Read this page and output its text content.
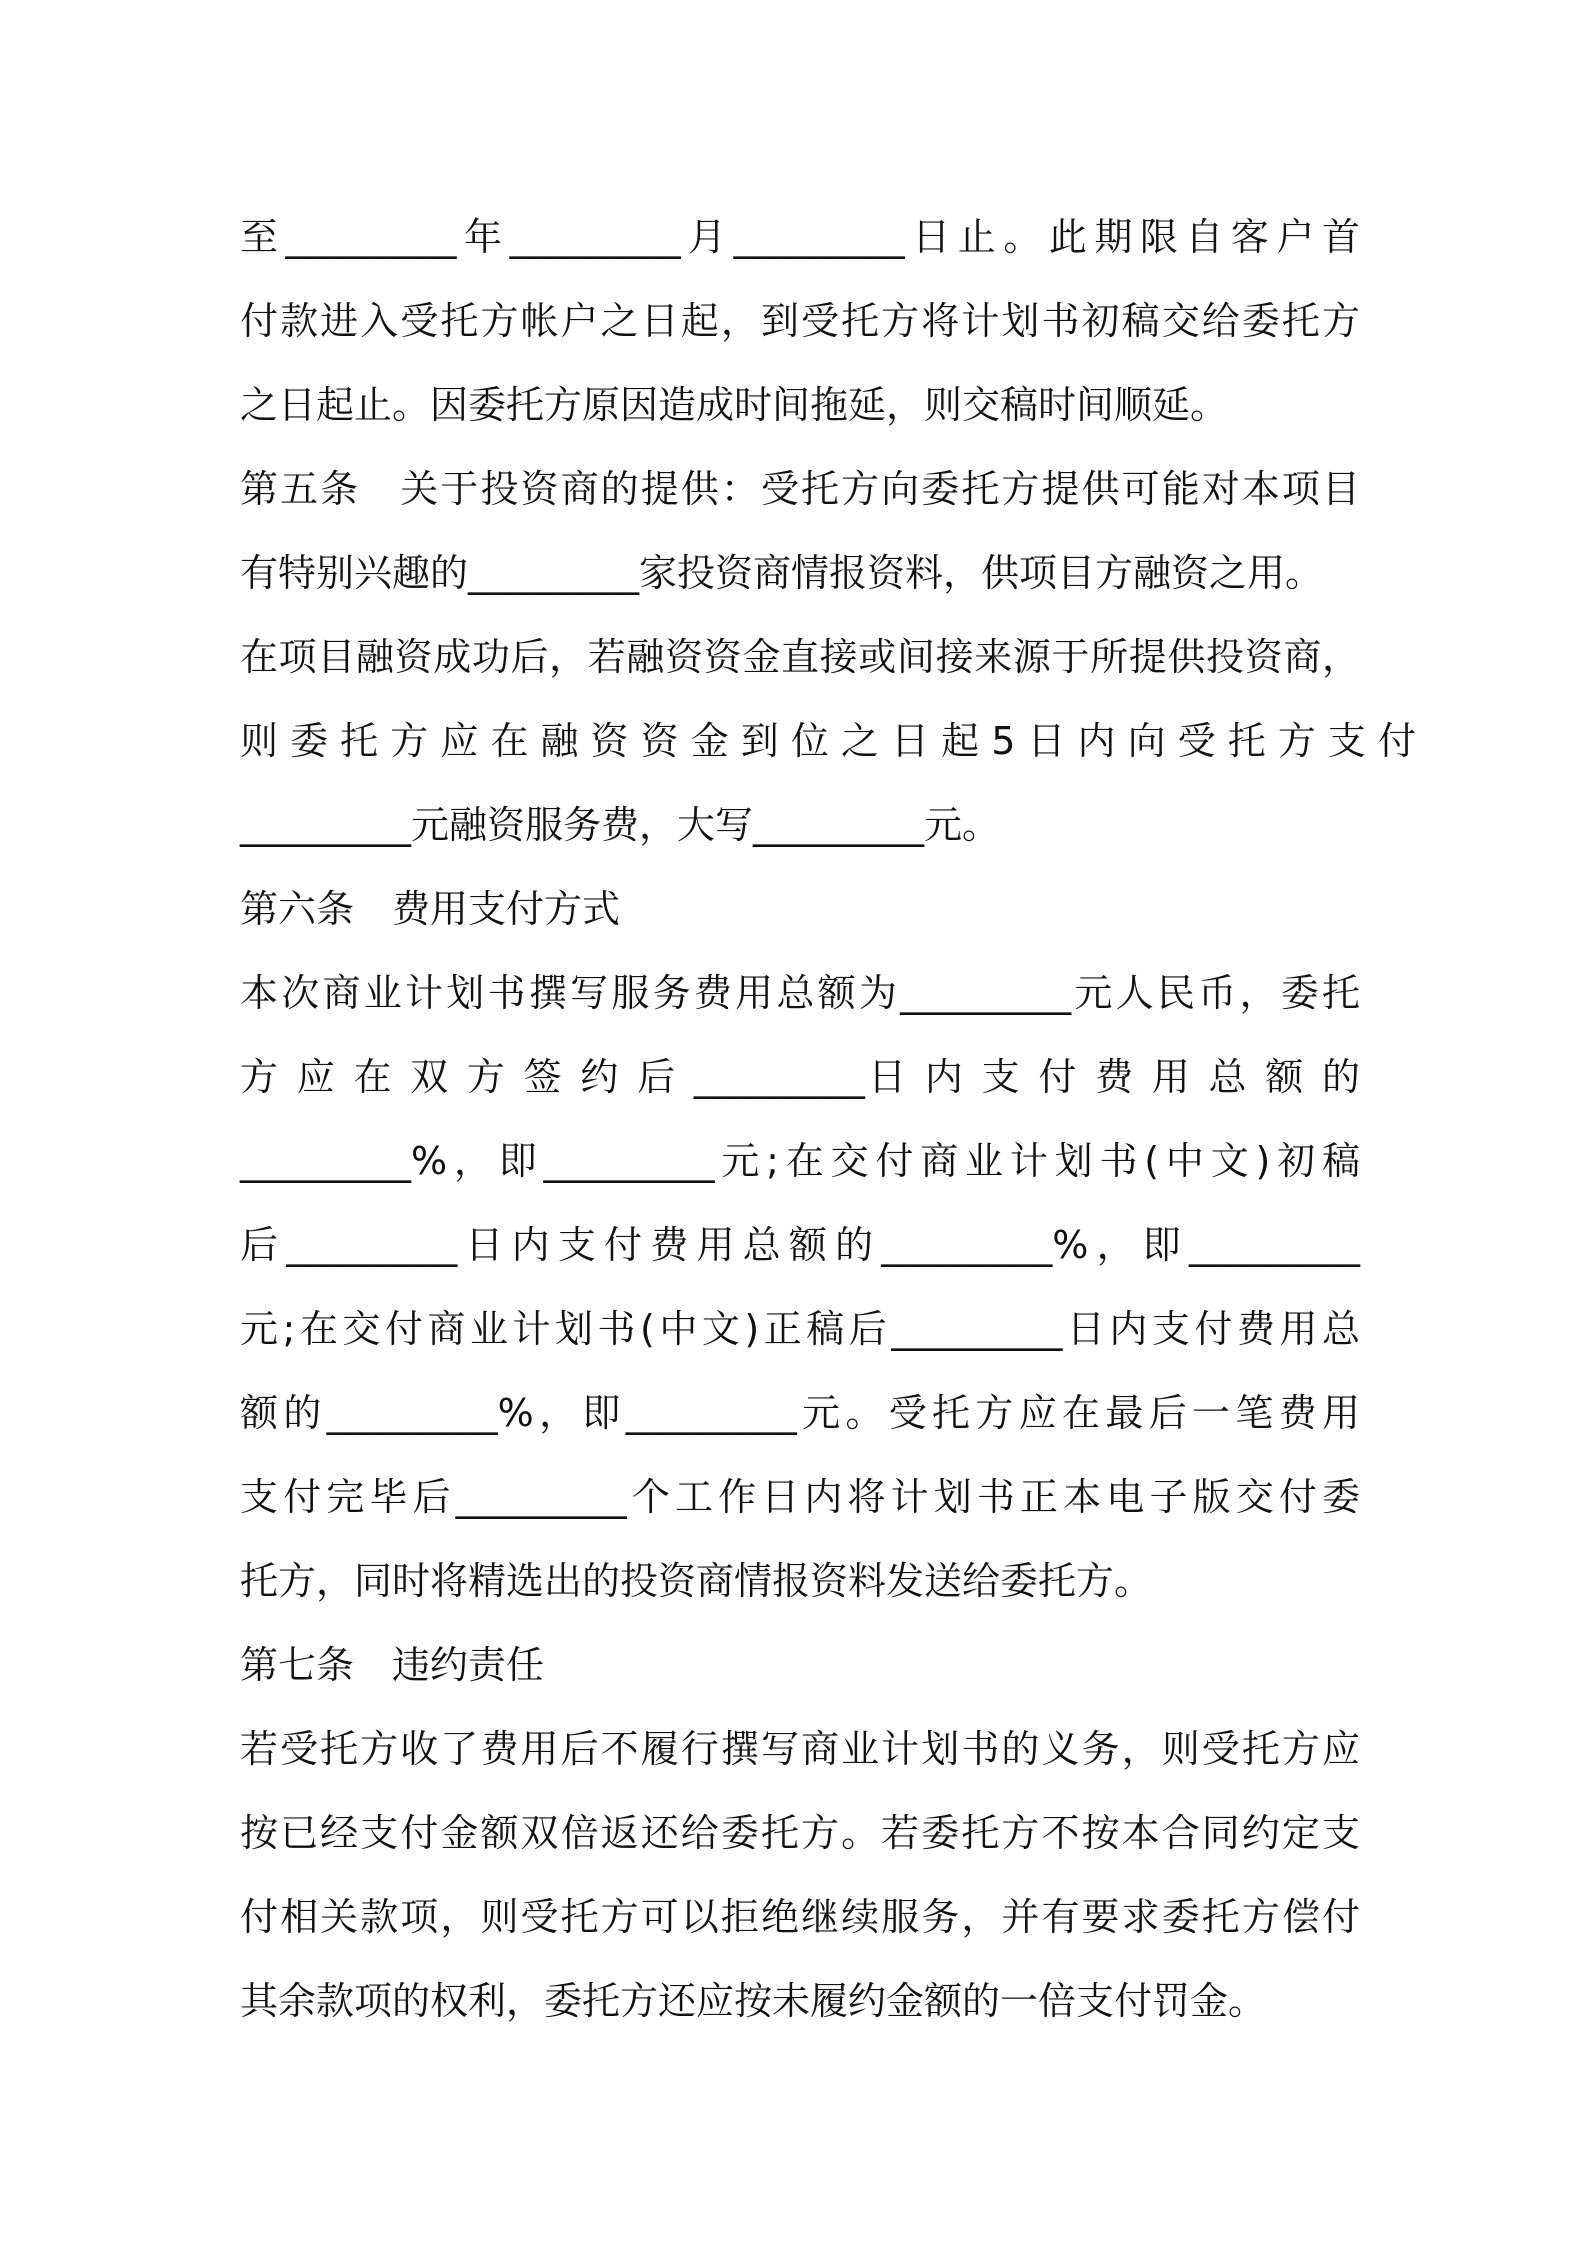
至_________年_________月_________日止。此期限自客户首
付款进入受托方帐户之日起，到受托方将计划书初稿交给委托方
之日起止。因委托方原因造成时间拖延，则交稿时间顺延。
第五条　关于投资商的提供：受托方向委托方提供可能对本项目
有特别兴趣的_________家投资商情报资料，供项目方融资之用。
在项目融资成功后，若融资资金直接或间接来源于所提供投资商，
则 委 托 方 应 在 融 资 资 金 到 位 之 日 起 5 日 内 向 受 托 方 支 付
_________元融资服务费，大写_________元。
第六条　费用支付方式
本次商业计划书撰写服务费用总额为_________元人民币，委托
方 应 在 双 方 签 约 后 _________日 内 支 付 费 用 总 额 的
_________%，即_________元;在交付商业计划书(中文)初稿
后_________日内支付费用总额的_________%，即_________
元;在交付商业计划书(中文)正稿后_________日内支付费用总
额的_________%，即_________元。受托方应在最后一笔费用
支付完毕后_________个工作日内将计划书正本电子版交付委
托方，同时将精选出的投资商情报资料发送给委托方。
第七条　违约责任
若受托方收了费用后不履行撰写商业计划书的义务，则受托方应
按已经支付金额双倍返还给委托方。若委托方不按本合同约定支
付相关款项，则受托方可以拒绝继续服务，并有要求委托方偿付
其余款项的权利，委托方还应按未履约金额的一倍支付罚金。
